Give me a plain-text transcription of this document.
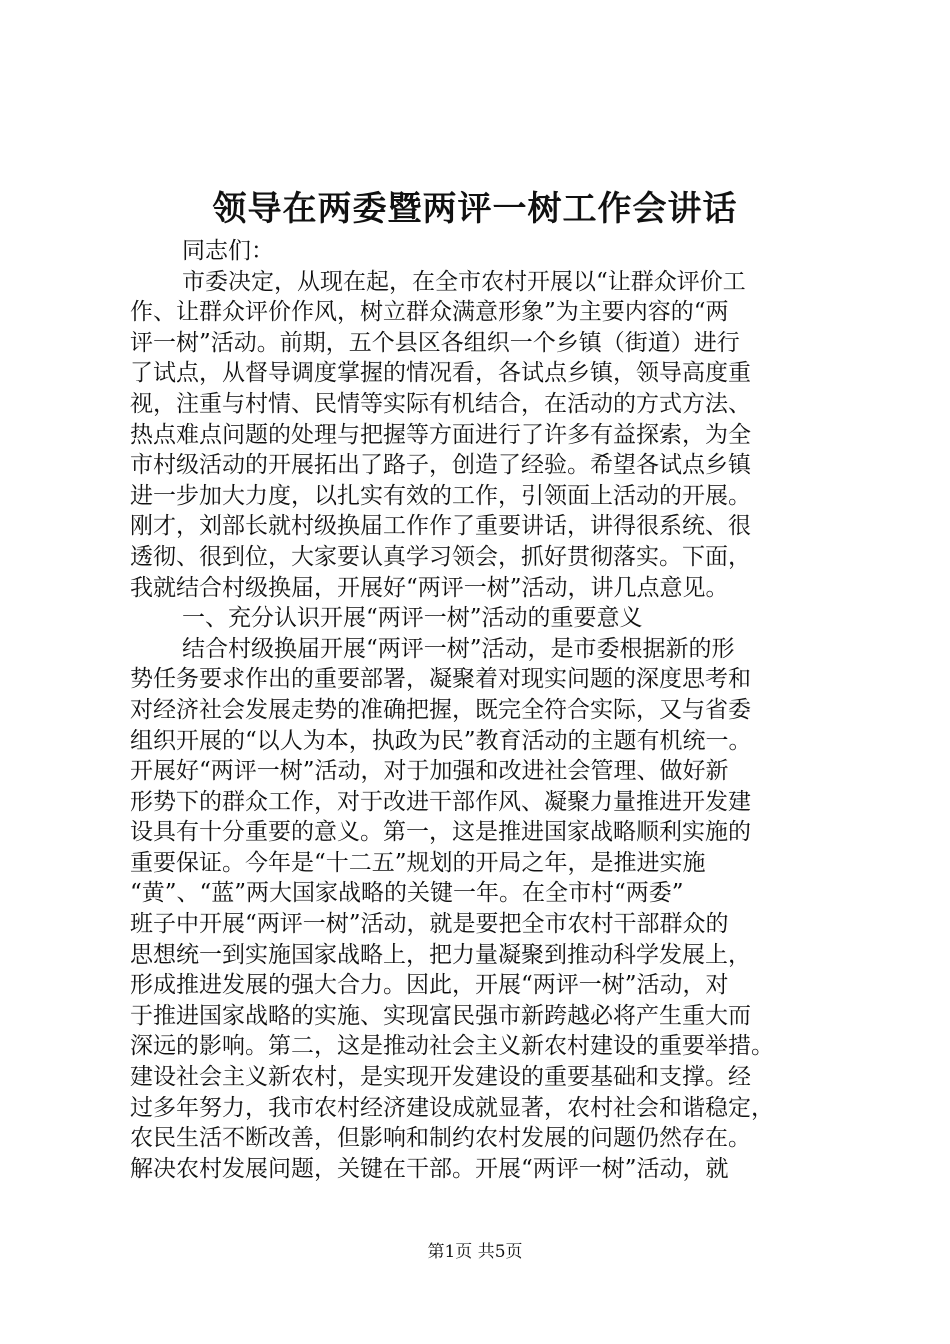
领导在两委暨两评一树工作会讲话
同志们：
市委决定，从现在起，在全市农村开展以“让群众评价工
作、让群众评价作风，树立群众满意形象”为主要内容的“两
评一树”活动。前期，五个县区各组织一个乡镇（街道）进行
了试点，从督导调度掌握的情况看，各试点乡镇，领导高度重
视，注重与村情、民情等实际有机结合，在活动的方式方法、
热点难点问题的处理与把握等方面进行了许多有益探索，为全
市村级活动的开展拓出了路子，创造了经验。希望各试点乡镇
进一步加大力度，以扎实有效的工作，引领面上活动的开展。
刚才，刘部长就村级换届工作作了重要讲话，讲得很系统、很
透彻、很到位，大家要认真学习领会，抓好贯彻落实。下面，
我就结合村级换届，开展好“两评一树”活动，讲几点意见。
一、充分认识开展“两评一树”活动的重要意义
结合村级换届开展“两评一树”活动，是市委根据新的形
势任务要求作出的重要部署，凝聚着对现实问题的深度思考和
对经济社会发展走势的准确把握，既完全符合实际，又与省委
组织开展的“以人为本，执政为民”教育活动的主题有机统一。
开展好“两评一树”活动，对于加强和改进社会管理、做好新
形势下的群众工作，对于改进干部作风、凝聚力量推进开发建
设具有十分重要的意义。第一，这是推进国家战略顺利实施的
重要保证。今年是“十二五”规划的开局之年，是推进实施
“黄”、“蓝”两大国家战略的关键一年。在全市村“两委”
班子中开展“两评一树”活动，就是要把全市农村干部群众的
思想统一到实施国家战略上，把力量凝聚到推动科学发展上，
形成推进发展的强大合力。因此，开展“两评一树”活动，对
于推进国家战略的实施、实现富民强市新跨越必将产生重大而
深远的影响。第二，这是推动社会主义新农村建设的重要举措。
建设社会主义新农村，是实现开发建设的重要基础和支撑。经
过多年努力，我市农村经济建设成就显著，农村社会和谐稳定，
农民生活不断改善，但影响和制约农村发展的问题仍然存在。
解决农村发展问题，关键在干部。开展“两评一树”活动，就
第1页 共5页
